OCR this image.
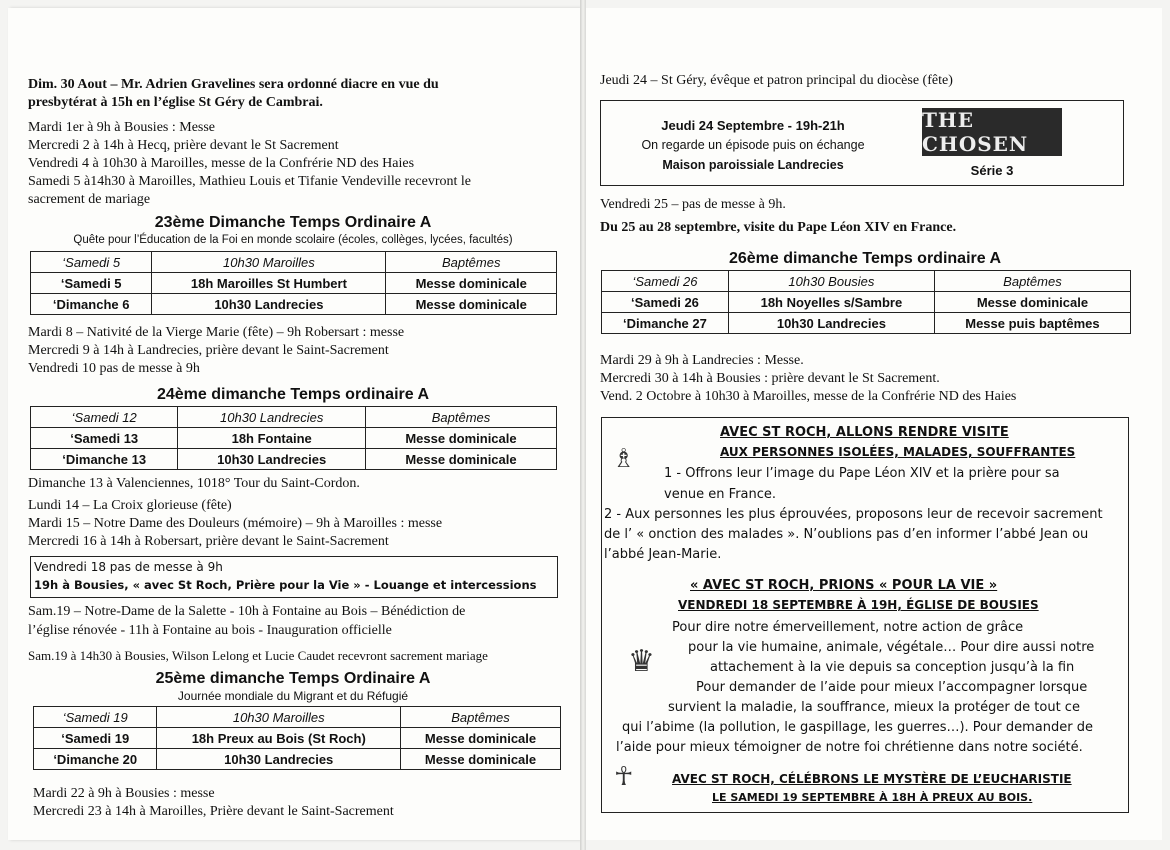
Dim. 30 Aout – Mr. Adrien Gravelines sera ordonné diacre en vue du
presbytérat à 15h en l’église St Géry de Cambrai.
Mardi 1er à 9h à Bousies : Messe
Mercredi 2 à 14h à Hecq, prière devant le St Sacrement
Vendredi 4 à 10h30 à Maroilles, messe de la Confrérie ND des Haies
Samedi 5 à14h30 à Maroilles, Mathieu Louis et Tifanie Vendeville recevront le
sacrement de mariage
23ème Dimanche Temps Ordinaire A
Quête pour l’Éducation de la Foi en monde scolaire (écoles, collèges, lycées, facultés)
‘Samedi 5	10h30 Maroilles	Baptêmes
‘Samedi 5	18h Maroilles St Humbert	Messe dominicale
‘Dimanche 6	10h30 Landrecies	Messe dominicale
Mardi 8 – Nativité de la Vierge Marie (fête) – 9h Robersart : messe
Mercredi 9 à 14h à Landrecies, prière devant le Saint-Sacrement
Vendredi 10 pas de messe à 9h
24ème dimanche Temps ordinaire A
‘Samedi 12	10h30 Landrecies	Baptêmes
‘Samedi 13	18h Fontaine	Messe dominicale
‘Dimanche 13	10h30 Landrecies	Messe dominicale
Dimanche 13 à Valenciennes, 1018° Tour du Saint-Cordon.
Lundi 14 – La Croix glorieuse (fête)
Mardi 15 – Notre Dame des Douleurs (mémoire) – 9h à Maroilles : messe
Mercredi 16 à 14h à Robersart, prière devant le Saint-Sacrement
Vendredi 18 pas de messe à 9h
19h à Bousies, « avec St Roch, Prière pour la Vie » - Louange et intercessions
Sam.19 – Notre-Dame de la Salette - 10h à Fontaine au Bois – Bénédiction de
l’église rénovée - 11h à Fontaine au bois - Inauguration officielle
Sam.19 à 14h30 à Bousies, Wilson Lelong et Lucie Caudet recevront sacrement mariage
25ème dimanche Temps Ordinaire A
Journée mondiale du Migrant et du Réfugié
‘Samedi 19	10h30 Maroilles	Baptêmes
‘Samedi 19	18h Preux au Bois (St Roch)	Messe dominicale
‘Dimanche 20	10h30 Landrecies	Messe dominicale
Mardi 22 à 9h à Bousies : messe
Mercredi 23 à 14h à Maroilles, Prière devant le Saint-Sacrement
Jeudi 24 – St Géry, évêque et patron principal du diocèse (fête)
Jeudi 24 Septembre - 19h-21h
On regarde un épisode puis on échange
Maison paroissiale Landrecies
THE CHOSEN
Série 3
Vendredi 25 – pas de messe à 9h.
Du 25 au 28 septembre, visite du Pape Léon XIV en France.
26ème dimanche Temps ordinaire A
‘Samedi 26	10h30 Bousies	Baptêmes
‘Samedi 26	18h Noyelles s/Sambre	Messe dominicale
‘Dimanche 27	10h30 Landrecies	Messe puis baptêmes
Mardi 29 à 9h à Landrecies : Messe.
Mercredi 30 à 14h à Bousies : prière devant le St Sacrement.
Vend. 2 Octobre à 10h30 à Maroilles, messe de la Confrérie ND des Haies
AVEC ST ROCH, ALLONS RENDRE VISITE
AUX PERSONNES ISOLÉES, MALADES, SOUFFRANTES
♗
1 - Offrons leur l’image du Pape Léon XIV et la prière pour sa
venue en France.
2 - Aux personnes les plus éprouvées, proposons leur de recevoir sacrement
de l’ « onction des malades ». N’oublions pas d’en informer l’abbé Jean ou
l’abbé Jean-Marie.
« AVEC ST ROCH, PRIONS « POUR LA VIE »
VENDREDI 18 SEPTEMBRE À 19H, ÉGLISE DE BOUSIES
♛
Pour dire notre émerveillement, notre action de grâce
pour la vie humaine, animale, végétale… Pour dire aussi notre
attachement à la vie depuis sa conception jusqu’à la fin
Pour demander de l’aide pour mieux l’accompagner lorsque
survient la maladie, la souffrance, mieux la protéger de tout ce
qui l’abime (la pollution, le gaspillage, les guerres…). Pour demander de
l’aide pour mieux témoigner de notre foi chrétienne dans notre société.
☥	AVEC ST ROCH, CÉLÉBRONS LE MYSTÈRE DE L’EUCHARISTIE
LE SAMEDI 19 SEPTEMBRE À 18H À PREUX AU BOIS.
